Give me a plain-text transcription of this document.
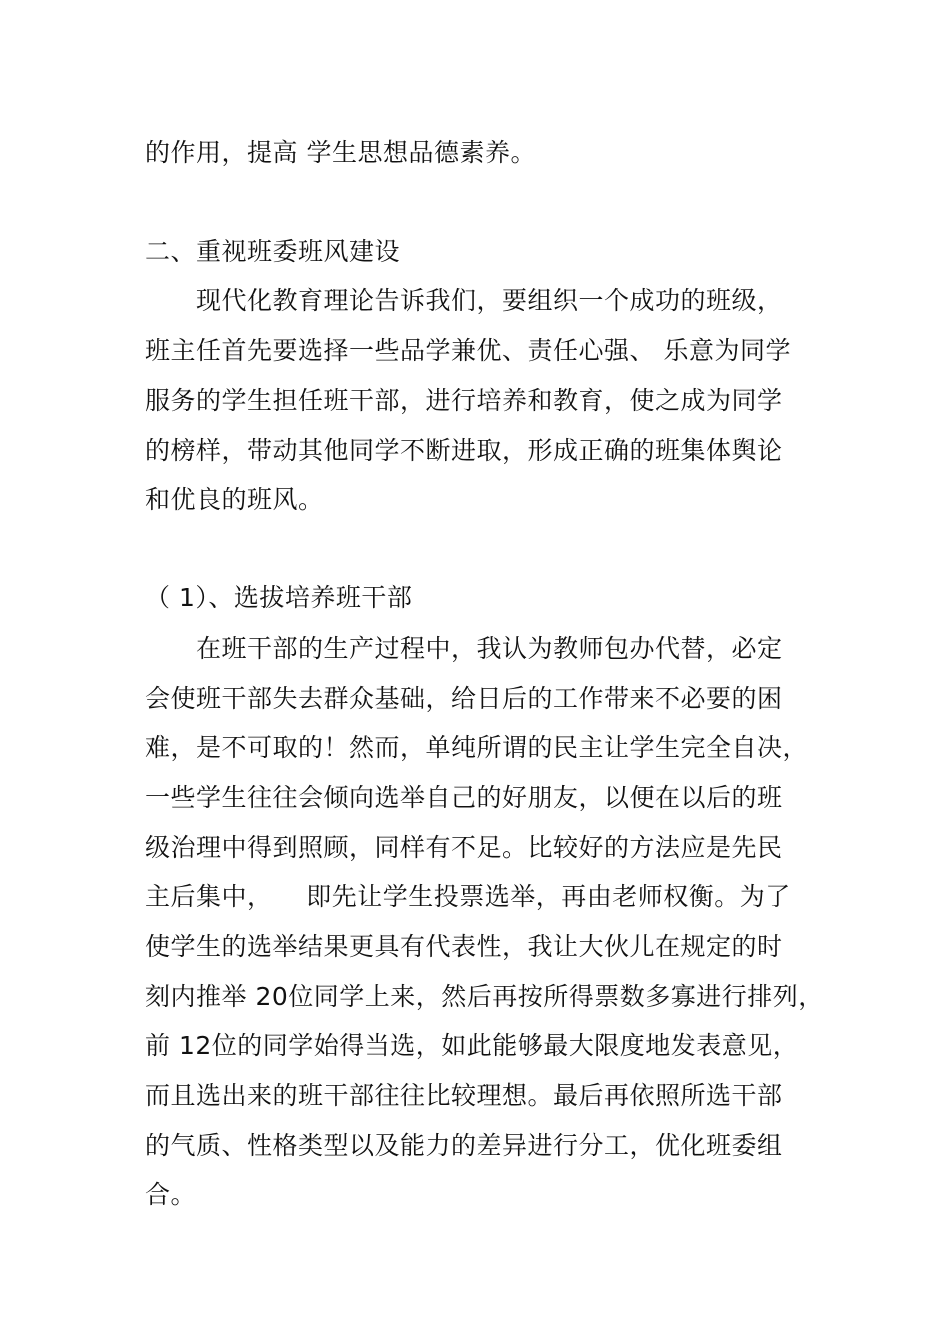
的作用，提高 学生思想品德素养。
二、重视班委班风建设
现代化教育理论告诉我们，要组织一个成功的班级，
班主任首先要选择一些品学兼优、责任心强、 乐意为同学
服务的学生担任班干部，进行培养和教育，使之成为同学
的榜样，带动其他同学不断进取，形成正确的班集体舆论
和优良的班风。
（ 1）、选拔培养班干部
在班干部的生产过程中，我认为教师包办代替，必定
会使班干部失去群众基础，给日后的工作带来不必要的困
难，是不可取的！然而，单纯所谓的民主让学生完全自决，
一些学生往往会倾向选举自己的好朋友，以便在以后的班
级治理中得到照顾，同样有不足。比较好的方法应是先民
主后集中，    即先让学生投票选举，再由老师权衡。为了
使学生的选举结果更具有代表性，我让大伙儿在规定的时
刻内推举 20位同学上来，然后再按所得票数多寡进行排列，
前 12位的同学始得当选，如此能够最大限度地发表意见，
而且选出来的班干部往往比较理想。最后再依照所选干部
的气质、性格类型以及能力的差异进行分工，优化班委组
合。
